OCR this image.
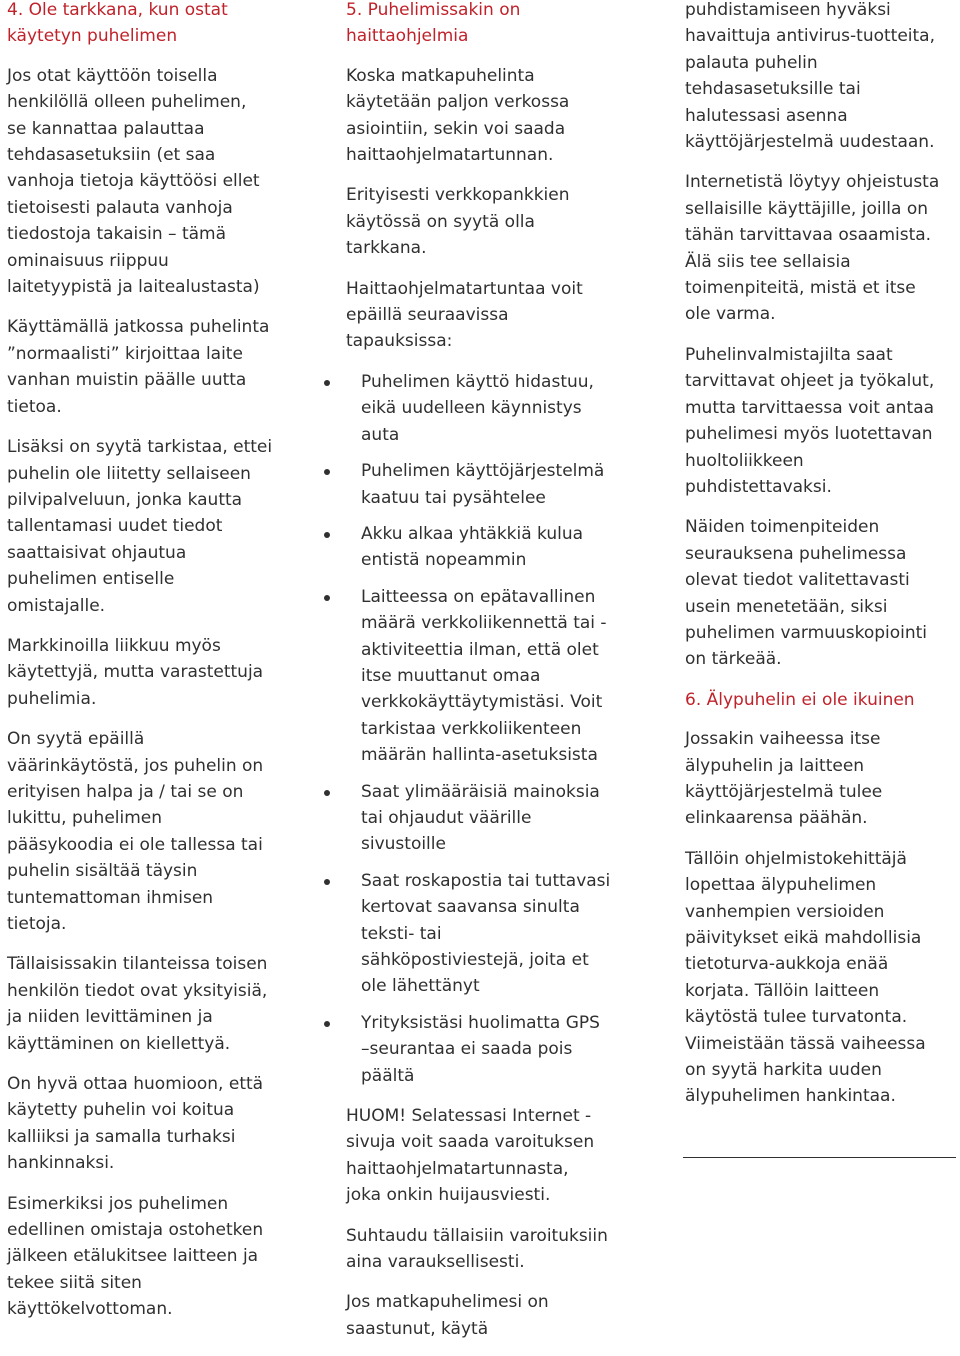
4. Ole tarkkana, kun ostat
käytetyn puhelimen

Jos otat käyttöön toisella
henkilöllä olleen puhelimen,
se kannattaa palauttaa
tehdasasetuksiin (et saa
vanhoja tietoja käyttöösi ellet
tietoisesti palauta vanhoja
tiedostoja takaisin – tämä
ominaisuus riippuu
laitetyypistä ja laitealustasta)

Käyttämällä jatkossa puhelinta
”normaalisti” kirjoittaa laite
vanhan muistin päälle uutta
tietoa.

Lisäksi on syytä tarkistaa, ettei
puhelin ole liitetty sellaiseen
pilvipalveluun, jonka kautta
tallentamasi uudet tiedot
saattaisivat ohjautua
puhelimen entiselle
omistajalle.

Markkinoilla liikkuu myös
käytettyjä, mutta varastettuja
puhelimia.

On syytä epäillä
väärinkäytöstä, jos puhelin on
erityisen halpa ja / tai se on
lukittu, puhelimen
pääsykoodia ei ole tallessa tai
puhelin sisältää täysin
tuntemattoman ihmisen
tietoja.

Tällaisissakin tilanteissa toisen
henkilön tiedot ovat yksityisiä,
ja niiden levittäminen ja
käyttäminen on kiellettyä.

On hyvä ottaa huomioon, että
käytetty puhelin voi koitua
kalliiksi ja samalla turhaksi
hankinnaksi.

Esimerkiksi jos puhelimen
edellinen omistaja ostohetken
jälkeen etälukitsee laitteen ja
tekee siitä siten
käyttökelvottoman.

5. Puhelimissakin on
haittaohjelmia

Koska matkapuhelinta
käytetään paljon verkossa
asiointiin, sekin voi saada
haittaohjelmatartunnan.

Erityisesti verkkopankkien
käytössä on syytä olla
tarkkana.

Haittaohjelmatartuntaa voit
epäillä seuraavissa
tapauksissa:

Puhelimen käyttö hidastuu,
eikä uudelleen käynnistys
auta
Puhelimen käyttöjärjestelmä
kaatuu tai pysähtelee
Akku alkaa yhtäkkiä kulua
entistä nopeammin
Laitteessa on epätavallinen
määrä verkkoliikennettä tai -
aktiviteettia ilman, että olet
itse muuttanut omaa
verkkokäyttäytymistäsi. Voit
tarkistaa verkkoliikenteen
määrän hallinta-asetuksista
Saat ylimääräisiä mainoksia
tai ohjaudut väärille
sivustoille
Saat roskapostia tai tuttavasi
kertovat saavansa sinulta
teksti- tai
sähköpostiviestejä, joita et
ole lähettänyt
Yrityksistäsi huolimatta GPS
–seurantaa ei saada pois
päältä

HUOM! Selatessasi Internet -
sivuja voit saada varoituksen
haittaohjelmatartunnasta,
joka onkin huijausviesti.

Suhtaudu tällaisiin varoituksiin
aina varauksellisesti.

Jos matkapuhelimesi on
saastunut, käytä

puhdistamiseen hyväksi
havaittuja antivirus-tuotteita,
palauta puhelin
tehdasasetuksille tai
halutessasi asenna
käyttöjärjestelmä uudestaan.

Internetistä löytyy ohjeistusta
sellaisille käyttäjille, joilla on
tähän tarvittavaa osaamista.
Älä siis tee sellaisia
toimenpiteitä, mistä et itse
ole varma.

Puhelinvalmistajilta saat
tarvittavat ohjeet ja työkalut,
mutta tarvittaessa voit antaa
puhelimesi myös luotettavan
huoltoliikkeen
puhdistettavaksi.

Näiden toimenpiteiden
seurauksena puhelimessa
olevat tiedot valitettavasti
usein menetetään, siksi
puhelimen varmuuskopiointi
on tärkeää.

6. Älypuhelin ei ole ikuinen

Jossakin vaiheessa itse
älypuhelin ja laitteen
käyttöjärjestelmä tulee
elinkaarensa päähän.

Tällöin ohjelmistokehittäjä
lopettaa älypuhelimen
vanhempien versioiden
päivitykset eikä mahdollisia
tietoturva-aukkoja enää
korjata. Tällöin laitteen
käytöstä tulee turvatonta.
Viimeistään tässä vaiheessa
on syytä harkita uuden
älypuhelimen hankintaa.
